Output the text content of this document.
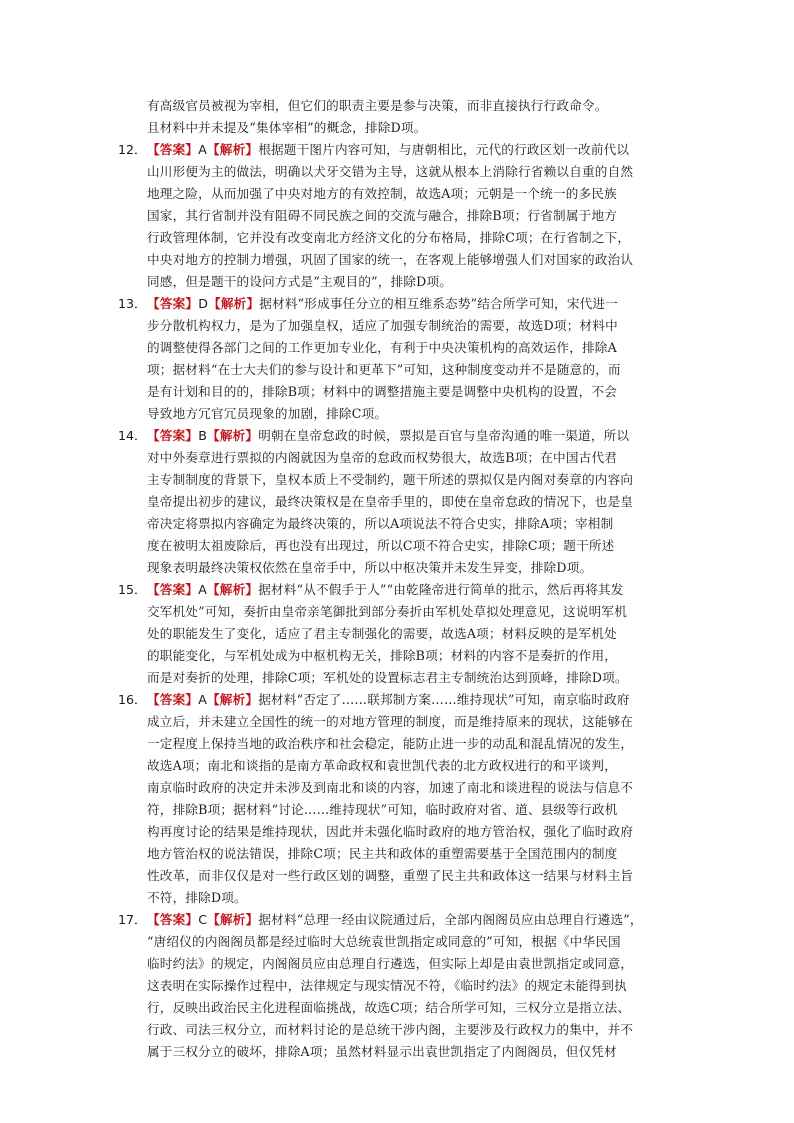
有高级官员被视为宰相，但它们的职责主要是参与决策，而非直接执行行政命令。
且材料中并未提及“集体宰相”的概念，排除D项。
12． 【答案】A【解析】根据题干图片内容可知，与唐朝相比，元代的行政区划一改前代以
山川形便为主的做法，明确以犬牙交错为主导，这就从根本上消除行省赖以自重的自然
地理之险，从而加强了中央对地方的有效控制，故选A项；元朝是一个统一的多民族
国家，其行省制并没有阻碍不同民族之间的交流与融合，排除B项；行省制属于地方
行政管理体制，它并没有改变南北方经济文化的分布格局，排除C项；在行省制之下，
中央对地方的控制力增强，巩固了国家的统一，在客观上能够增强人们对国家的政治认
同感，但是题干的设问方式是“主观目的”，排除D项。
13． 【答案】D【解析】据材料“形成事任分立的相互维系态势”结合所学可知，宋代进一
步分散机构权力，是为了加强皇权，适应了加强专制统治的需要，故选D项；材料中
的调整使得各部门之间的工作更加专业化，有利于中央决策机构的高效运作，排除A
项；据材料“在士大夫们的参与设计和更革下”可知，这种制度变动并不是随意的，而
是有计划和目的的，排除B项；材料中的调整措施主要是调整中央机构的设置，不会
导致地方冗官冗员现象的加剧，排除C项。
14． 【答案】B【解析】明朝在皇帝怠政的时候，票拟是百官与皇帝沟通的唯一渠道，所以
对中外奏章进行票拟的内阁就因为皇帝的怠政而权势很大，故选B项；在中国古代君
主专制制度的背景下，皇权本质上不受制约，题干所述的票拟仅是内阁对奏章的内容向
皇帝提出初步的建议，最终决策权是在皇帝手里的，即使在皇帝怠政的情况下，也是皇
帝决定将票拟内容确定为最终决策的，所以A项说法不符合史实，排除A项；宰相制
度在被明太祖废除后，再也没有出现过，所以C项不符合史实，排除C项；题干所述
现象表明最终决策权依然在皇帝手中，所以中枢决策并未发生异变，排除D项。
15． 【答案】A【解析】据材料“从不假手于人”“由乾隆帝进行简单的批示，然后再将其发
交军机处”可知，奏折由皇帝亲笔御批到部分奏折由军机处草拟处理意见，这说明军机
处的职能发生了变化，适应了君主专制强化的需要，故选A项；材料反映的是军机处
的职能变化，与军机处成为中枢机构无关，排除B项；材料的内容不是奏折的作用，
而是对奏折的处理，排除C项；军机处的设置标志君主专制统治达到顶峰，排除D项。
16． 【答案】A【解析】据材料“否定了……联邦制方案……维持现状”可知，南京临时政府
成立后，并未建立全国性的统一的对地方管理的制度，而是维持原来的现状，这能够在
一定程度上保持当地的政治秩序和社会稳定，能防止进一步的动乱和混乱情况的发生，
故选A项；南北和谈指的是南方革命政权和袁世凯代表的北方政权进行的和平谈判，
南京临时政府的决定并未涉及到南北和谈的内容，加速了南北和谈进程的说法与信息不
符，排除B项；据材料“讨论……维持现状”可知，临时政府对省、道、县级等行政机
构再度讨论的结果是维持现状，因此并未强化临时政府的地方管治权，强化了临时政府
地方管治权的说法错误，排除C项；民主共和政体的重塑需要基于全国范围内的制度
性改革，而非仅仅是对一些行政区划的调整，重塑了民主共和政体这一结果与材料主旨
不符，排除D项。
17． 【答案】C【解析】据材料“总理一经由议院通过后，全部内阁阁员应由总理自行遴选”，
“唐绍仪的内阁阁员都是经过临时大总统袁世凯指定或同意的”可知，根据《中华民国
临时约法》的规定，内阁阁员应由总理自行遴选，但实际上却是由袁世凯指定或同意，
这表明在实际操作过程中，法律规定与现实情况不符，《临时约法》的规定未能得到执
行，反映出政治民主化进程面临挑战，故选C项；结合所学可知，三权分立是指立法、
行政、司法三权分立，而材料讨论的是总统干涉内阁，主要涉及行政权力的集中，并不
属于三权分立的破坏，排除A项；虽然材料显示出袁世凯指定了内阁阁员，但仅凭材
